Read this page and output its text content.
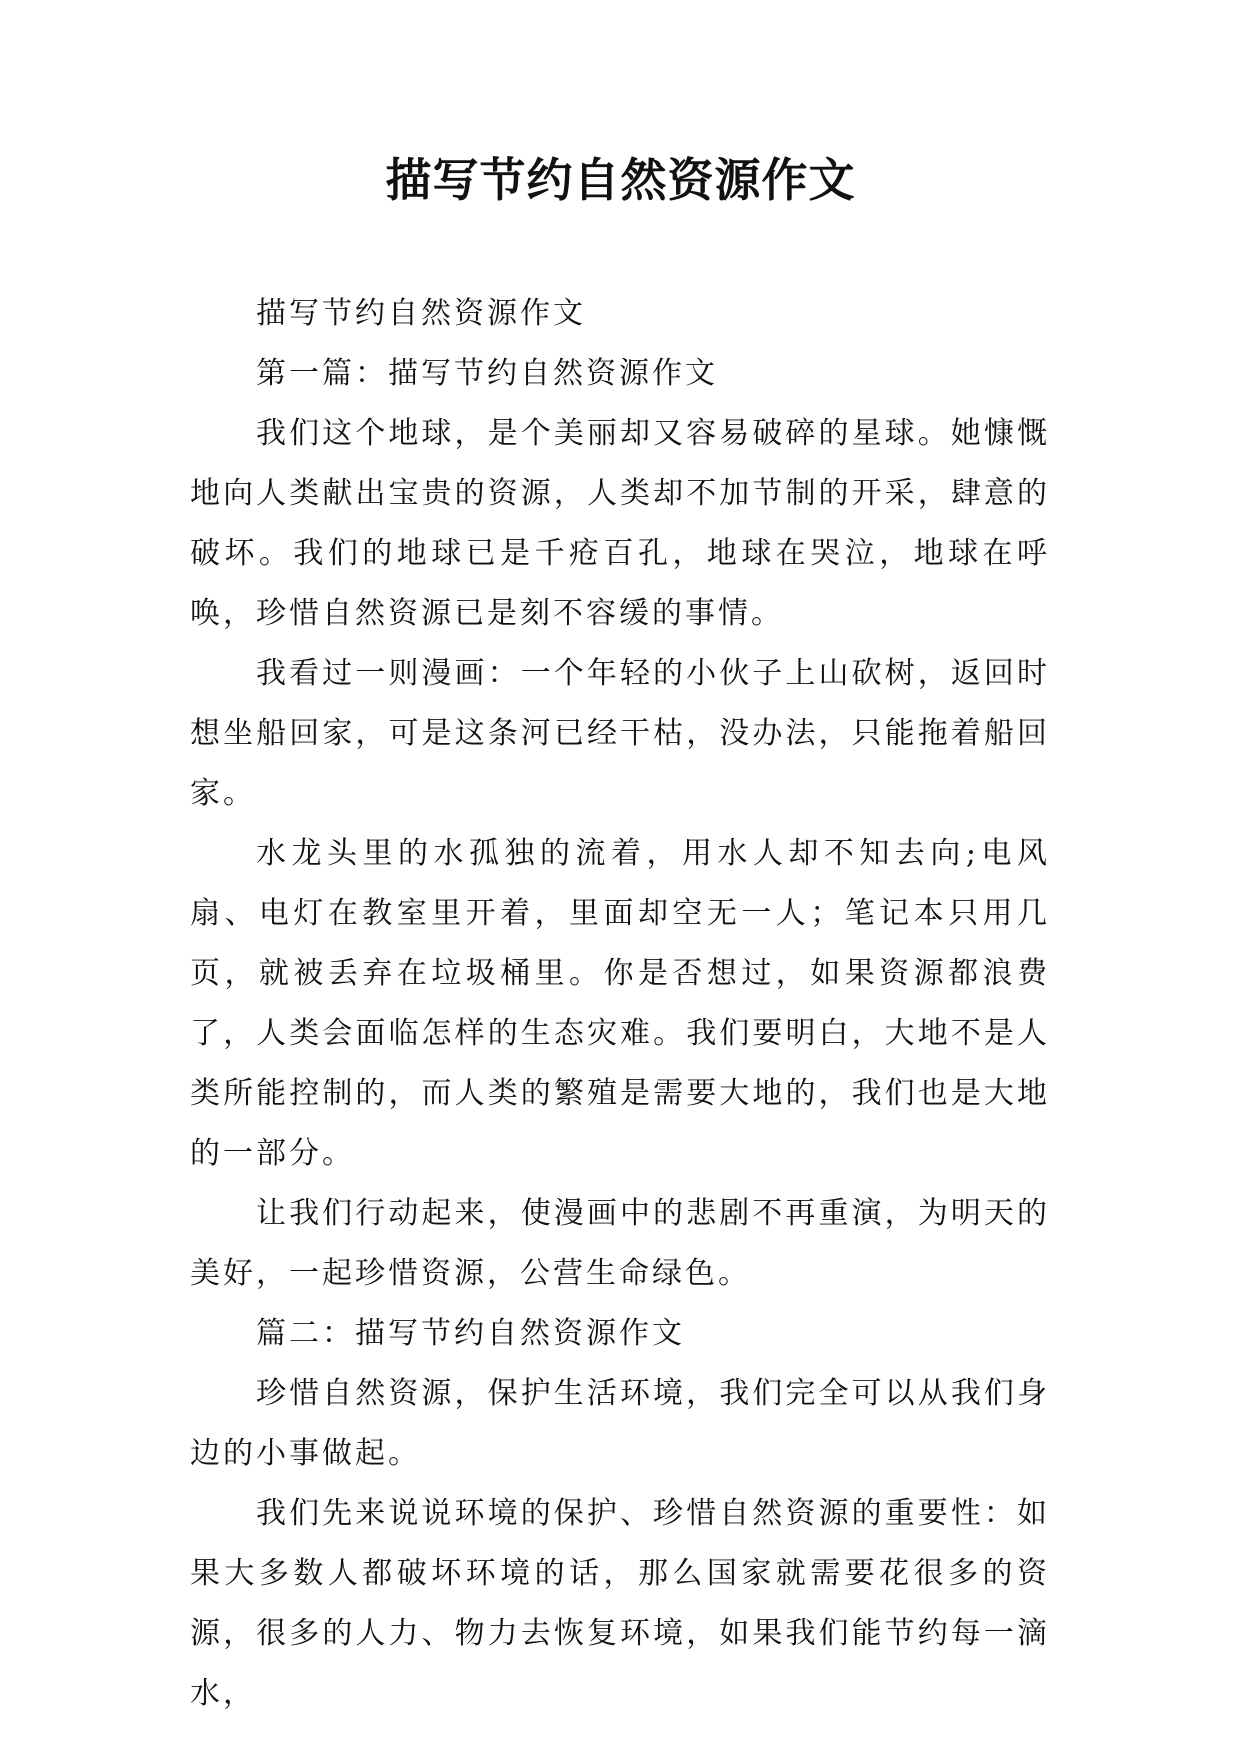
描写节约自然资源作文

描写节约自然资源作文

第一篇：描写节约自然资源作文

我们这个地球，是个美丽却又容易破碎的星球。她慷慨地向人类献出宝贵的资源，人类却不加节制的开采，肆意的破坏。我们的地球已是千疮百孔，地球在哭泣，地球在呼唤，珍惜自然资源已是刻不容缓的事情。

我看过一则漫画：一个年轻的小伙子上山砍树，返回时想坐船回家，可是这条河已经干枯，没办法，只能拖着船回家。

水龙头里的水孤独的流着，用水人却不知去向;电风扇、电灯在教室里开着，里面却空无一人；笔记本只用几页，就被丢弃在垃圾桶里。你是否想过，如果资源都浪费了，人类会面临怎样的生态灾难。我们要明白，大地不是人类所能控制的，而人类的繁殖是需要大地的，我们也是大地的一部分。

让我们行动起来，使漫画中的悲剧不再重演，为明天的美好，一起珍惜资源，公营生命绿色。

篇二：描写节约自然资源作文

珍惜自然资源，保护生活环境，我们完全可以从我们身边的小事做起。

我们先来说说环境的保护、珍惜自然资源的重要性：如果大多数人都破坏环境的话，那么国家就需要花很多的资源，很多的人力、物力去恢复环境，如果我们能节约每一滴水，
